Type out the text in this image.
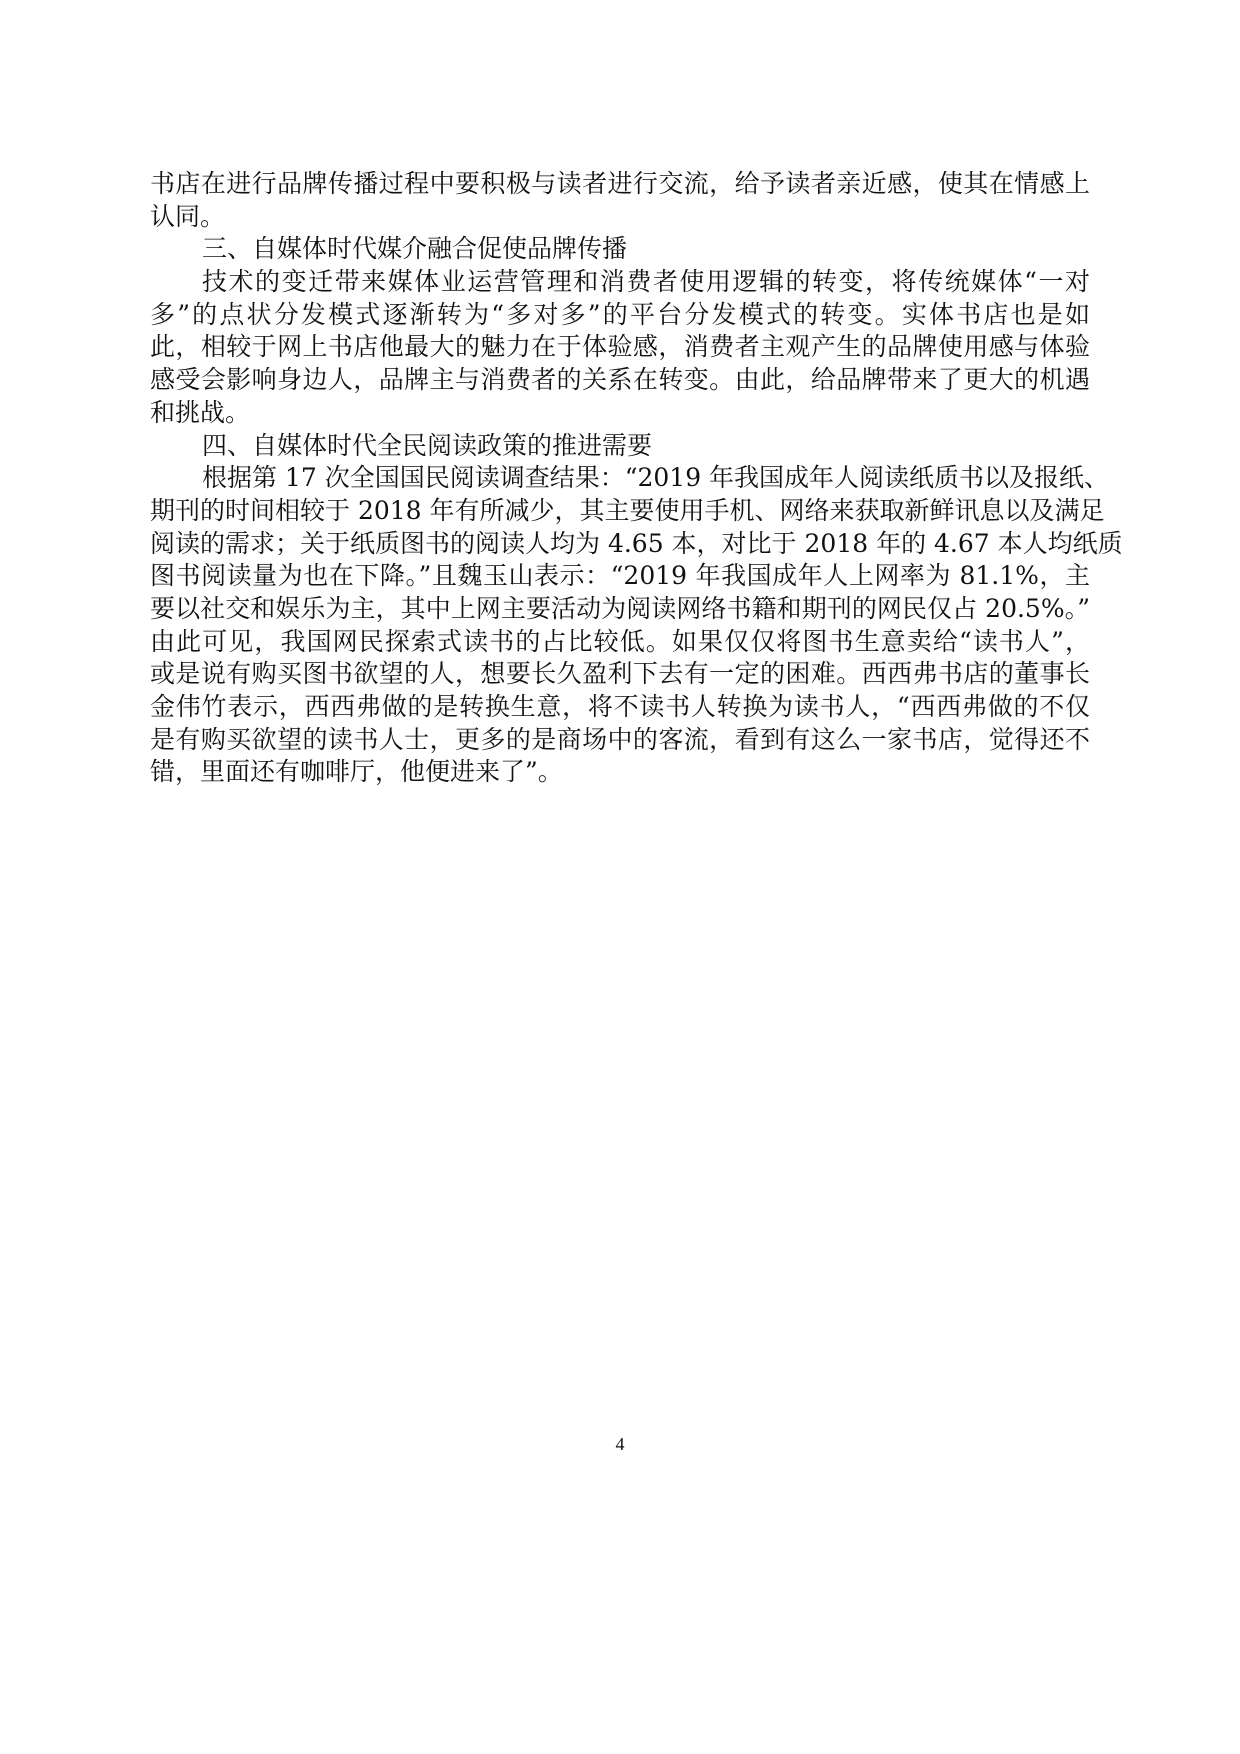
书店在进行品牌传播过程中要积极与读者进行交流，给予读者亲近感，使其在情感上
认同。
三、自媒体时代媒介融合促使品牌传播
技术的变迁带来媒体业运营管理和消费者使用逻辑的转变，将传统媒体“一对
多”的点状分发模式逐渐转为“多对多”的平台分发模式的转变。实体书店也是如
此，相较于网上书店他最大的魅力在于体验感，消费者主观产生的品牌使用感与体验
感受会影响身边人，品牌主与消费者的关系在转变。由此，给品牌带来了更大的机遇
和挑战。
四、自媒体时代全民阅读政策的推进需要
根据第 17 次全国国民阅读调查结果：“2019 年我国成年人阅读纸质书以及报纸、
期刊的时间相较于 2018 年有所减少，其主要使用手机、网络来获取新鲜讯息以及满足
阅读的需求；关于纸质图书的阅读人均为 4.65 本，对比于 2018 年的 4.67 本人均纸质
图书阅读量为也在下降。”且魏玉山表示：“2019 年我国成年人上网率为 81.1%，主
要以社交和娱乐为主，其中上网主要活动为阅读网络书籍和期刊的网民仅占 20.5%。”
由此可见，我国网民探索式读书的占比较低。如果仅仅将图书生意卖给“读书人”，
或是说有购买图书欲望的人，想要长久盈利下去有一定的困难。西西弗书店的董事长
金伟竹表示，西西弗做的是转换生意，将不读书人转换为读书人，“西西弗做的不仅
是有购买欲望的读书人士，更多的是商场中的客流，看到有这么一家书店，觉得还不
错，里面还有咖啡厅，他便进来了”。
4
